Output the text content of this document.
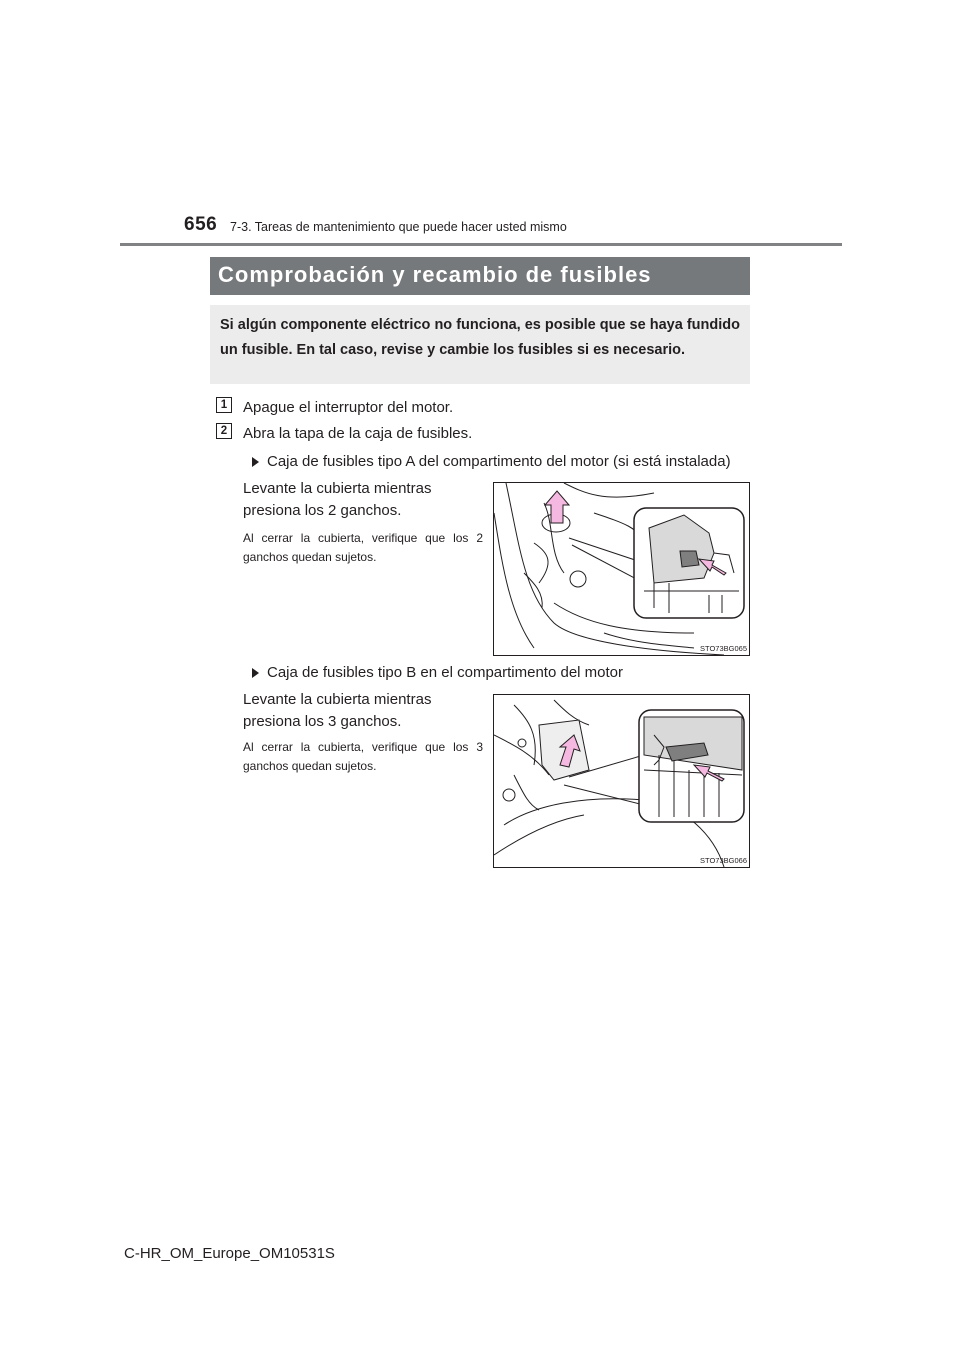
656 7-3. Tareas de mantenimiento que puede hacer usted mismo
Comprobación y recambio de fusibles
Si algún componente eléctrico no funciona, es posible que se haya fundido un fusible. En tal caso, revise y cambie los fusibles si es necesario.
1	Apague el interruptor del motor.
2	Abra la tapa de la caja de fusibles.
Caja de fusibles tipo A del compartimento del motor (si está instalada)
Levante la cubierta mientras presiona los 2 ganchos.
Al cerrar la cubierta, verifique que los 2 ganchos quedan sujetos.
STO73BG065
Caja de fusibles tipo B en el compartimento del motor
Levante la cubierta mientras presiona los 3 ganchos.
Al cerrar la cubierta, verifique que los 3 ganchos quedan sujetos.
STO73BG066
C-HR_OM_Europe_OM10531S
